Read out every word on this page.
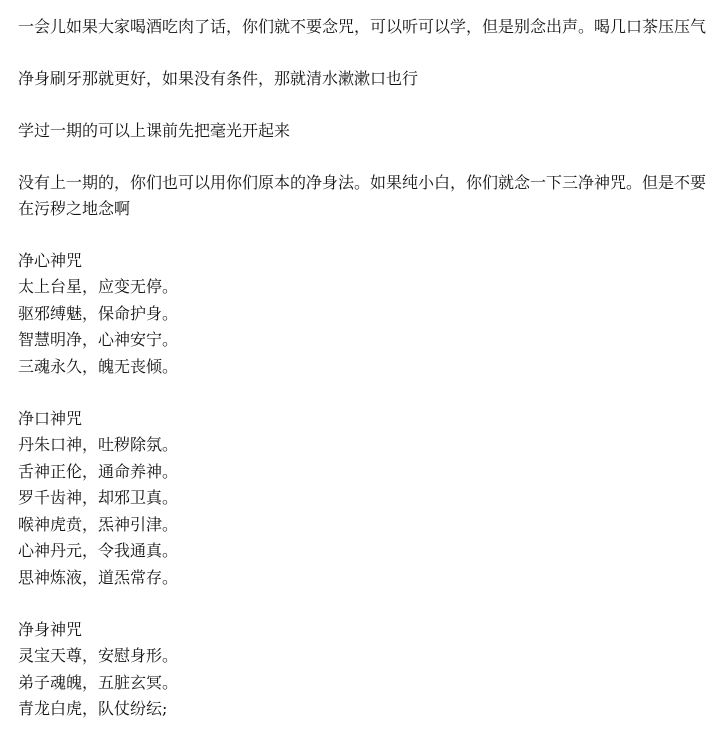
一会儿如果大家喝酒吃肉了话，你们就不要念咒，可以听可以学，但是别念出声。喝几口茶压压气

净身刷牙那就更好，如果没有条件，那就清水漱漱口也行

学过一期的可以上课前先把毫光开起来

没有上一期的，你们也可以用你们原本的净身法。如果纯小白，你们就念一下三净神咒。但是不要在污秽之地念啊

净心神咒

太上台星，应变无停。

驱邪缚魅，保命护身。

智慧明净，心神安宁。

三魂永久，魄无丧倾。

净口神咒

丹朱口神，吐秽除氛。

舌神正伦，通命养神。

罗千齿神，却邪卫真。

喉神虎贲，炁神引津。

心神丹元，令我通真。

思神炼液，道炁常存。

净身神咒

灵宝天尊，安慰身形。

弟子魂魄，五脏玄冥。

青龙白虎，队仗纷纭;
